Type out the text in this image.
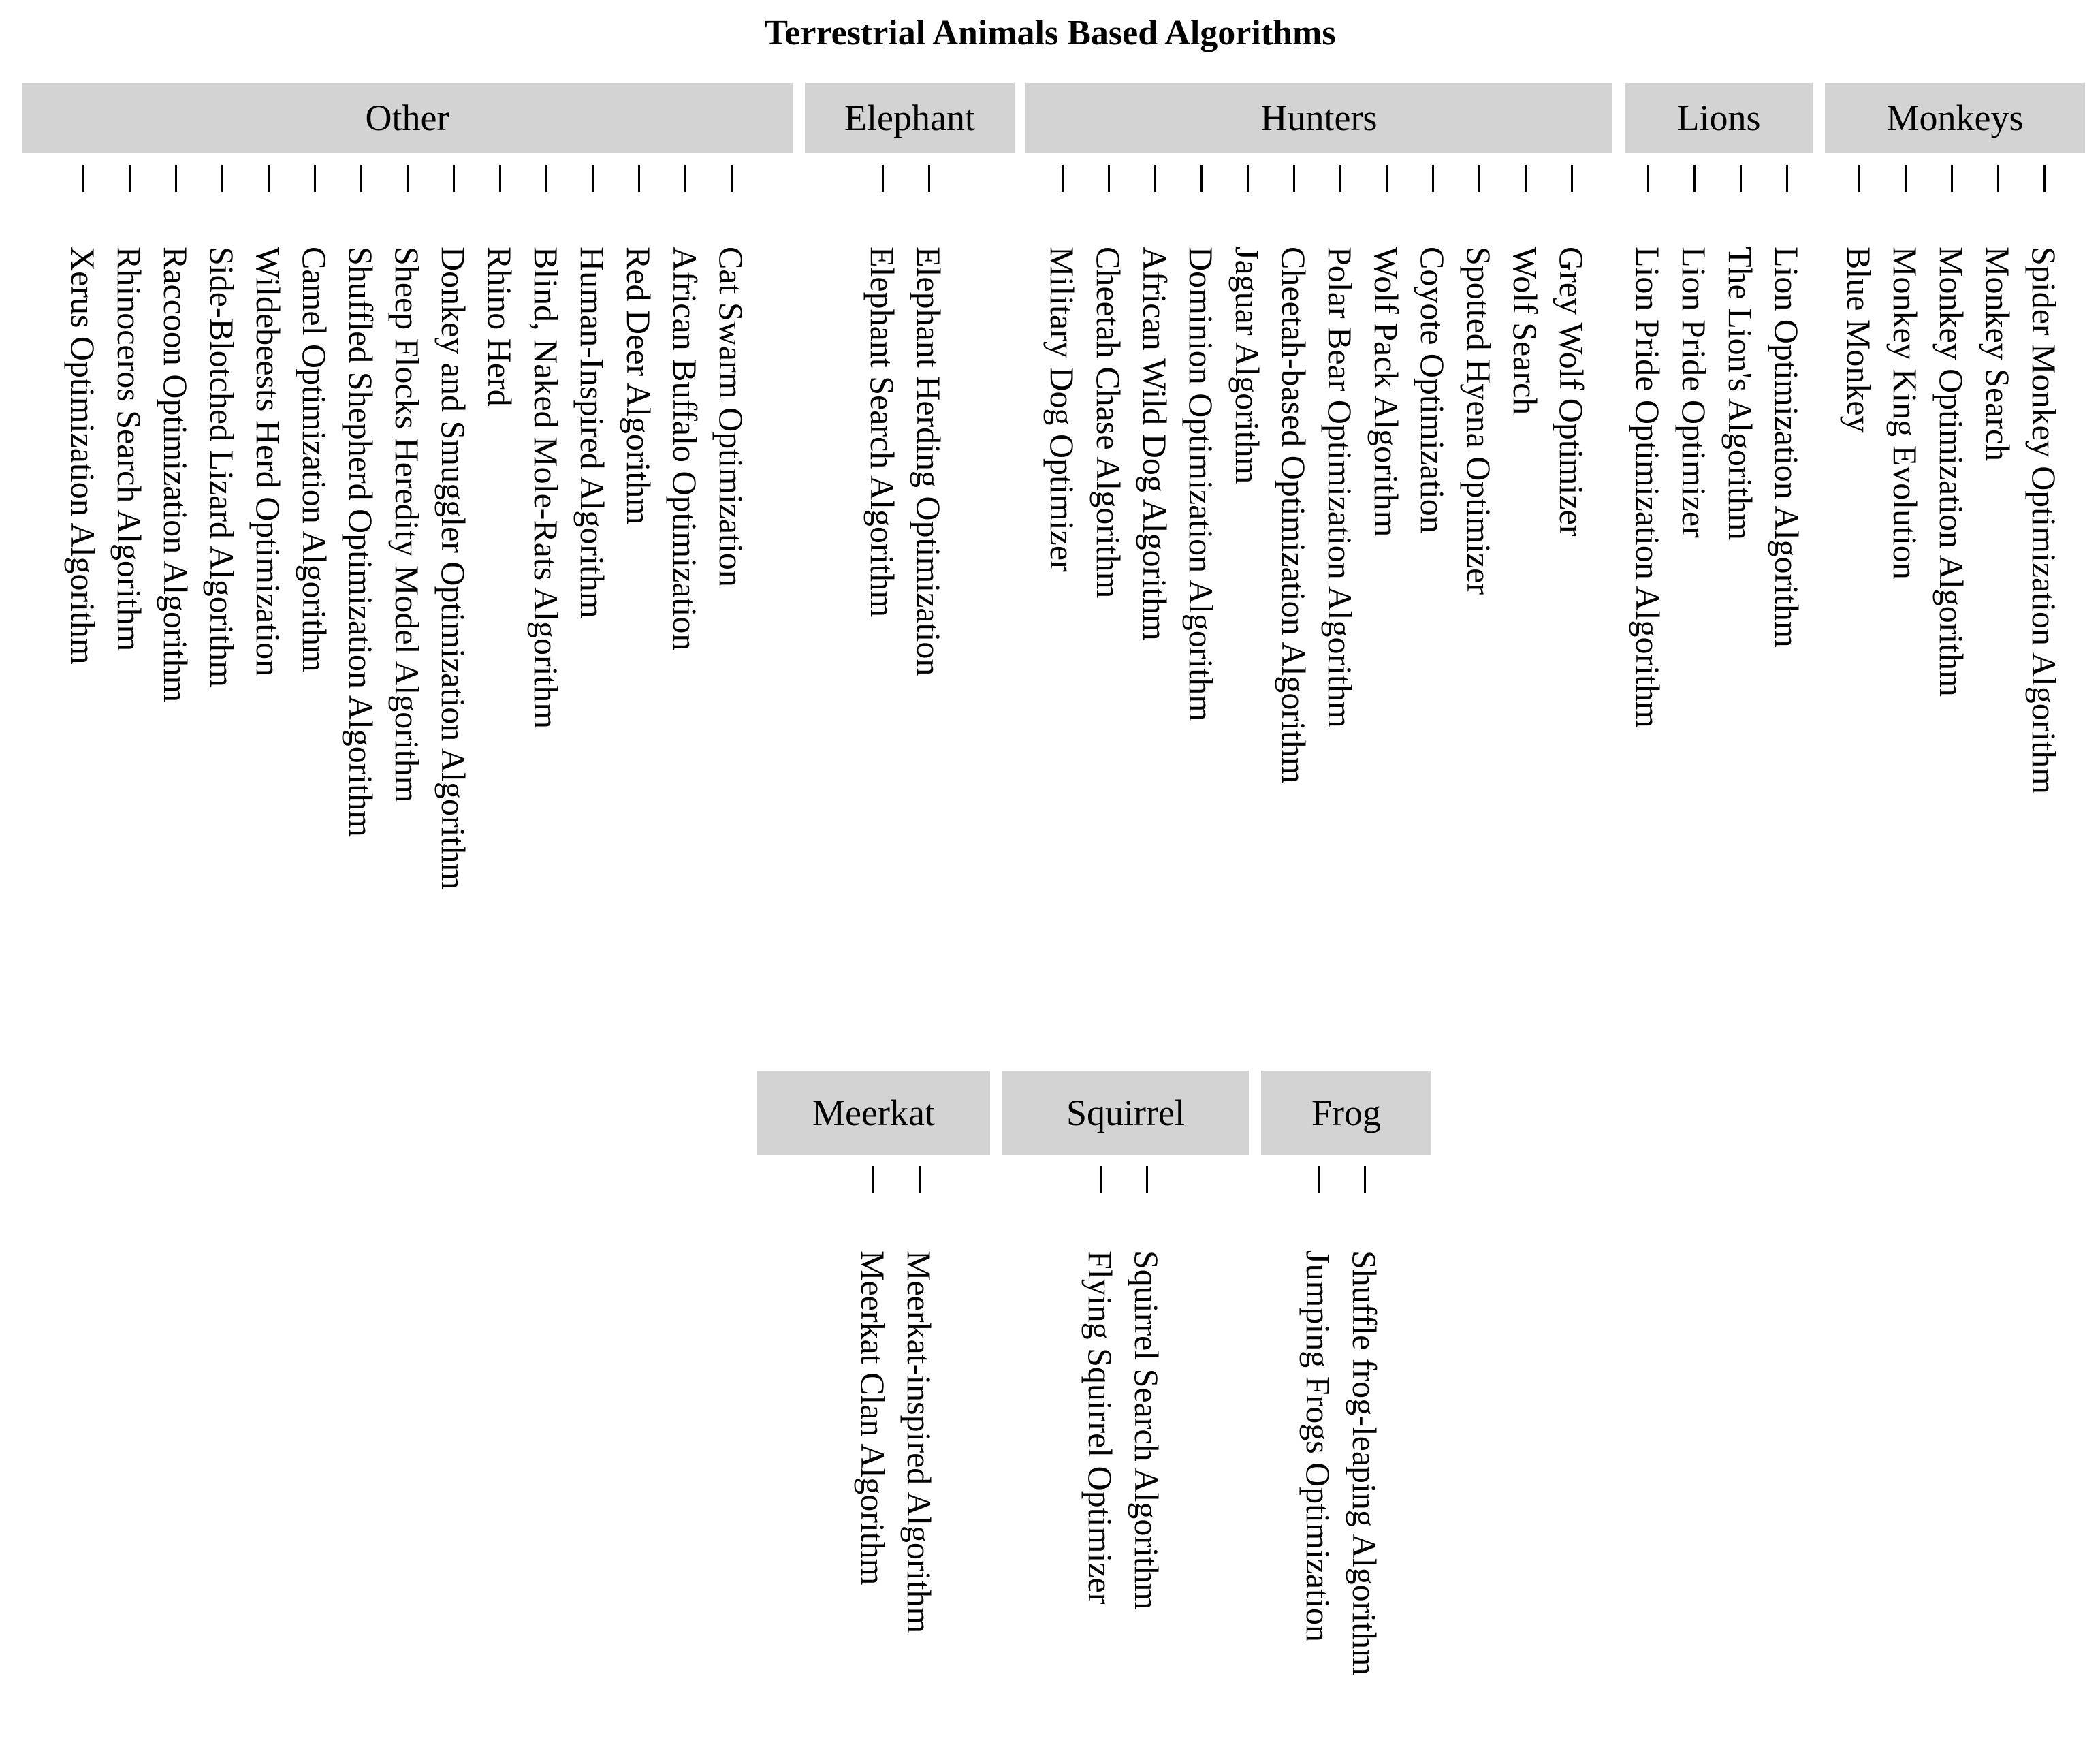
Terrestrial Animals Based Algorithms
Other
Xerus Optimization Algorithm Rhinoceros Search Algorithm Raccoon Optimization Algorithm Side-Blotched Lizard Algorithm Wildebeests Herd Optimization Camel Optimization Algorithm Shuffled Shepherd Optimization Algorithm Sheep Flocks Heredity Model Algorithm Donkey and Smuggler Optimization Algorithm Rhino Herd Blind, Naked Mole-Rats Algorithm Human-Inspired Algorithm Red Deer Algorithm African Buffalo Optimization Cat Swarm Optimization
Elephant
Elephant Search Algorithm Elephant Herding Optimization
Hunters
Military Dog Optimizer Cheetah Chase Algorithm African Wild Dog Algorithm Dominion Optimization Algorithm Jaguar Algorithm Cheetah-based Optimization Algorithm Polar Bear Optimization Algorithm Wolf Pack Algorithm Coyote Optimization Spotted Hyena Optimizer Wolf Search Grey Wolf Optimizer
Lions
Lion Pride Optimization Algorithm Lion Pride Optimizer The Lion's Algorithm Lion Optimization Algorithm
Monkeys
Blue Monkey Monkey King Evolution Monkey Optimization Algorithm Monkey Search Spider Monkey Optimization Algorithm
Meerkat
Meerkat Clan Algorithm Meerkat-inspired Algorithm
Squirrel
Flying Squirrel Optimizer Squirrel Search Algorithm
Frog
Jumping Frogs Optimization Shuffle frog-leaping Algorithm
